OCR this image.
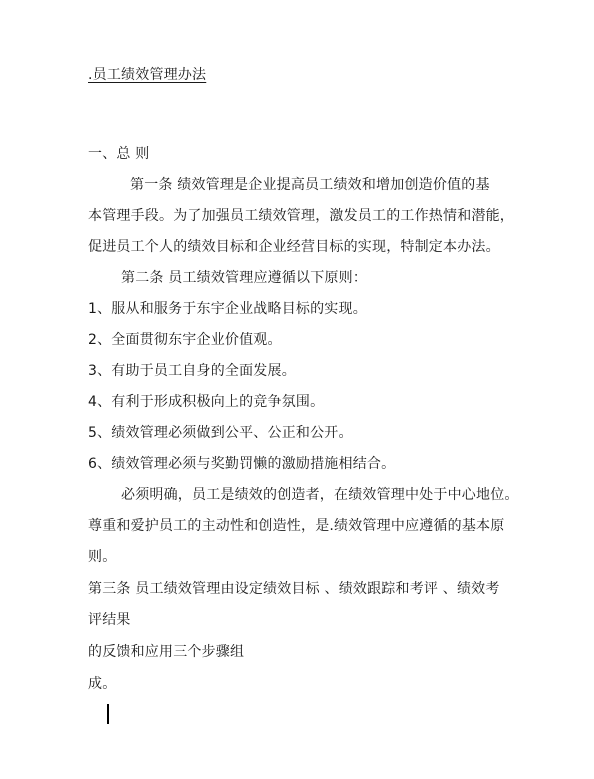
.员工绩效管理办法
一、总 则
第一条 绩效管理是企业提高员工绩效和增加创造价值的基
本管理手段。为了加强员工绩效管理，激发员工的工作热情和潜能，
促进员工个人的绩效目标和企业经营目标的实现，特制定本办法。
第二条 员工绩效管理应遵循以下原则：
1、服从和服务于东宇企业战略目标的实现。
2、全面贯彻东宇企业价值观。
3、有助于员工自身的全面发展。
4、有利于形成积极向上的竞争氛围。
5、绩效管理必须做到公平、公正和公开。
6、绩效管理必须与奖勤罚懒的激励措施相结合。
必须明确，员工是绩效的创造者，在绩效管理中处于中心地位。
尊重和爱护员工的主动性和创造性，是.绩效管理中应遵循的基本原
则。
第三条 员工绩效管理由设定绩效目标 、绩效跟踪和考评 、绩效考
评结果
的反馈和应用三个步骤组
成。
